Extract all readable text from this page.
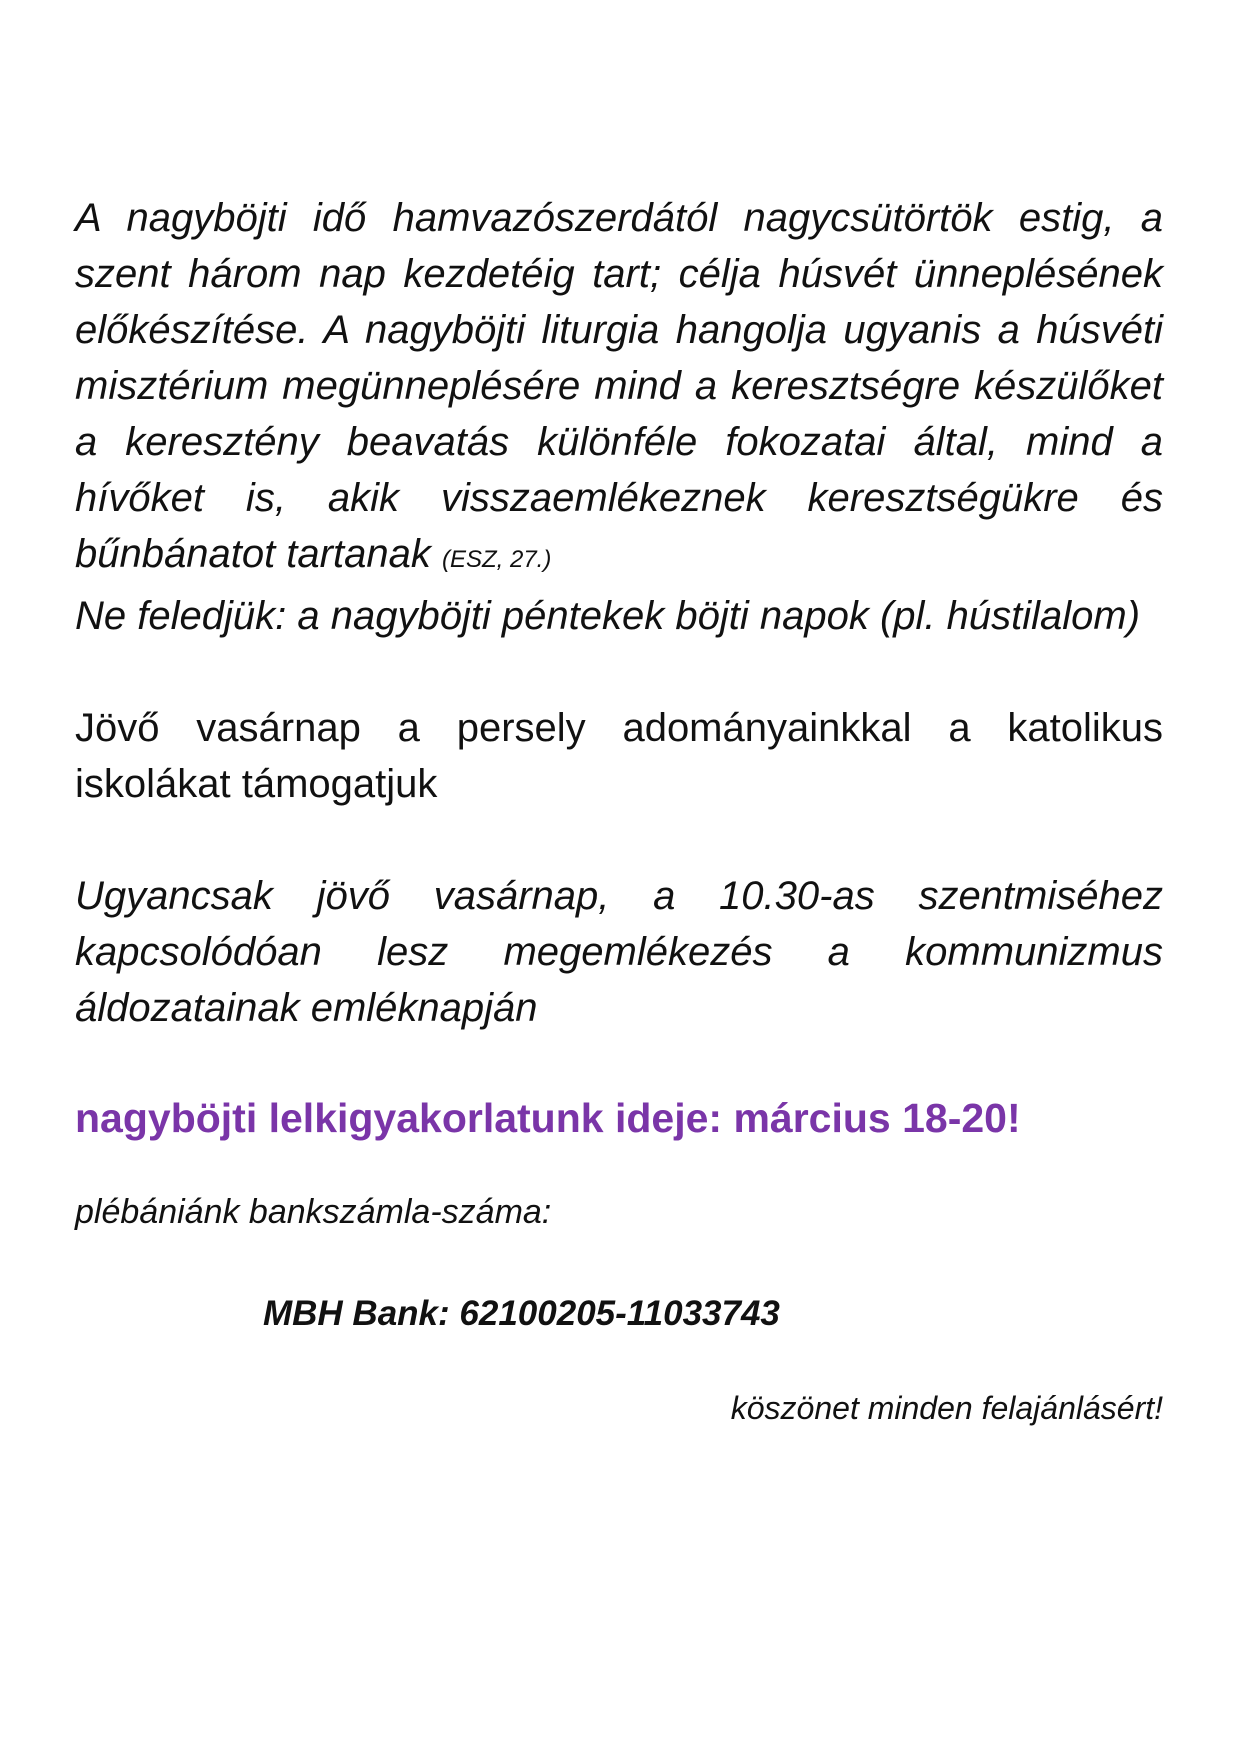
A nagyböjti idő hamvazószerdától nagycsütörtök estig, a szent három nap kezdetéig tart; célja húsvét ünneplésének előkészítése. A nagyböjti liturgia hangolja ugyanis a húsvéti misztérium megünneplésére mind a keresztségre készülőket a keresztény beavatás különféle fokozatai által, mind a hívőket is, akik visszaemlékeznek keresztségükre és bűnbánatot tartanak (ESZ, 27.)

Ne feledjük: a nagyböjti péntekek böjti napok (pl. hústilalom)

Jövő vasárnap a persely adományainkkal a katolikus iskolákat támogatjuk

Ugyancsak jövő vasárnap, a 10.30-as szentmiséhez kapcsolódóan lesz megemlékezés a kommunizmus áldozatainak emléknapján

nagyböjti lelkigyakorlatunk ideje: március 18-20!

plébániánk bankszámla-száma:

MBH Bank: 62100205-11033743

köszönet minden felajánlásért!
